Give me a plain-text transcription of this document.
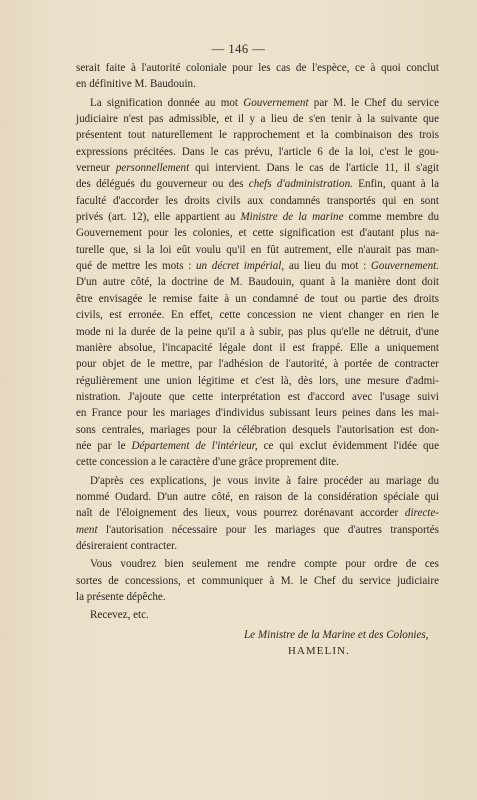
— 146 —
serait faite à l'autorité coloniale pour les cas de l'espèce, ce à quoi conclut
en définitive M. Baudouin.
La signification donnée au mot Gouvernement par M. le Chef du service
judiciaire n'est pas admissible, et il y a lieu de s'en tenir à la suivante que
présentent tout naturellement le rapprochement et la combinaison des trois
expressions précitées. Dans le cas prévu, l'article 6 de la loi, c'est le gou-
verneur personnellement qui intervient. Dans le cas de l'article 11, il s'agit
des délégués du gouverneur ou des chefs d'administration. Enfin, quant à la
faculté d'accorder les droits civils aux condamnés transportés qui en sont
privés (art. 12), elle appartient au Ministre de la marine comme membre du
Gouvernement pour les colonies, et cette signification est d'autant plus na-
turelle que, si la loi eût voulu qu'il en fût autrement, elle n'aurait pas man-
qué de mettre les mots : un décret impérial, au lieu du mot : Gouvernement.
D'un autre côté, la doctrine de M. Baudouin, quant à la manière dont doit
être envisagée le remise faite à un condamné de tout ou partie des droits
civils, est erronée. En effet, cette concession ne vient changer en rien le
mode ni la durée de la peine qu'il a à subir, pas plus qu'elle ne détruit, d'une
manière absolue, l'incapacité légale dont il est frappé. Elle a uniquement
pour objet de le mettre, par l'adhésion de l'autorité, à portée de contracter
régulièrement une union légitime et c'est là, dès lors, une mesure d'admi-
nistration. J'ajoute que cette interprétation est d'accord avec l'usage suivi
en France pour les mariages d'individus subissant leurs peines dans les mai-
sons centrales, mariages pour la célébration desquels l'autorisation est don-
née par le Département de l'intérieur, ce qui exclut évidemment l'idée que
cette concession a le caractère d'une grâce proprement dite.
D'après ces explications, je vous invite à faire procéder au mariage du
nommé Oudard. D'un autre côté, en raison de la considération spéciale qui
naît de l'éloignement des lieux, vous pourrez dorénavant accorder directe-
ment l'autorisation nécessaire pour les mariages que d'autres transportés
désireraient contracter.
Vous voudrez bien seulement me rendre compte pour ordre de ces
sortes de concessions, et communiquer à M. le Chef du service judiciaire
la présente dépêche.
Recevez, etc.
Le Ministre de la Marine et des Colonies,
HAMELIN.
